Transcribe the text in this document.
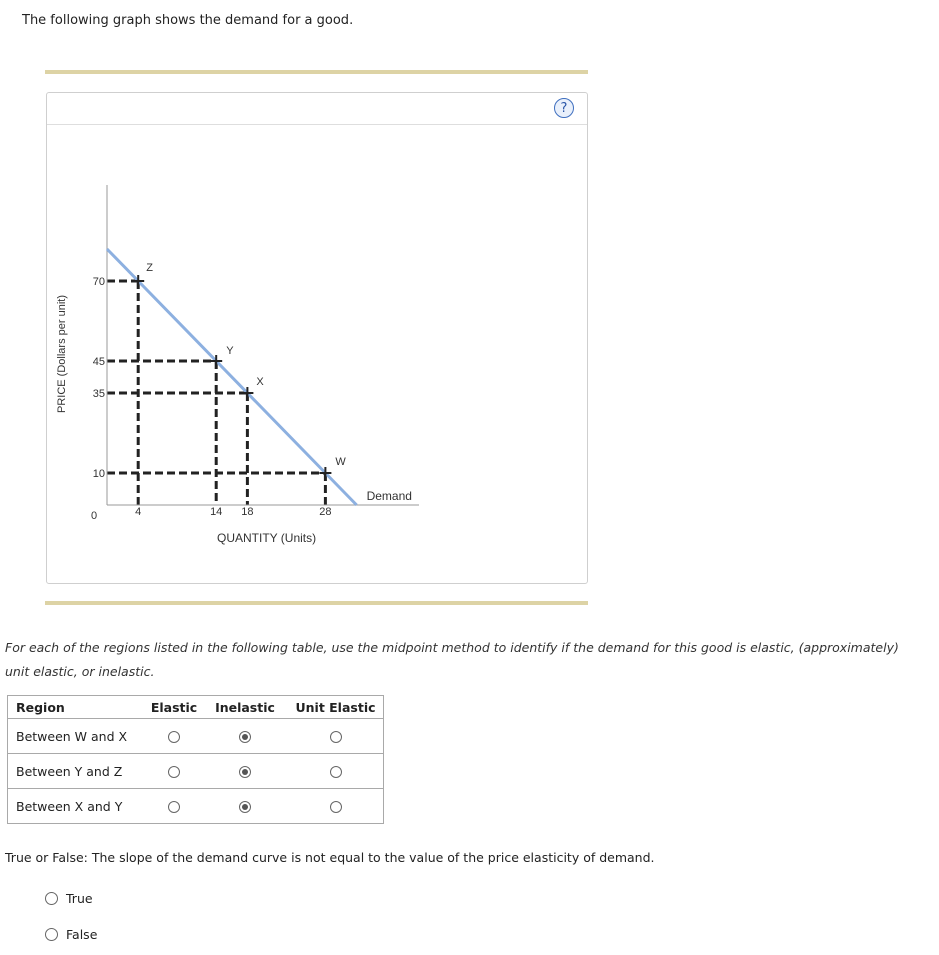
The following graph shows the demand for a good.
?
Z
70
4
Y
45
14
X
35
18
W
10
28
0
Demand
PRICE (Dollars per unit)
QUANTITY (Units)
For each of the regions listed in the following table, use the midpoint method to identify if the demand for this good is elastic, (approximately) unit elastic, or inelastic.
Region	Elastic	Inelastic	Unit Elastic
Between W and X			
Between Y and Z			
Between X and Y			
True or False: The slope of the demand curve is not equal to the value of the price elasticity of demand.
True
False
